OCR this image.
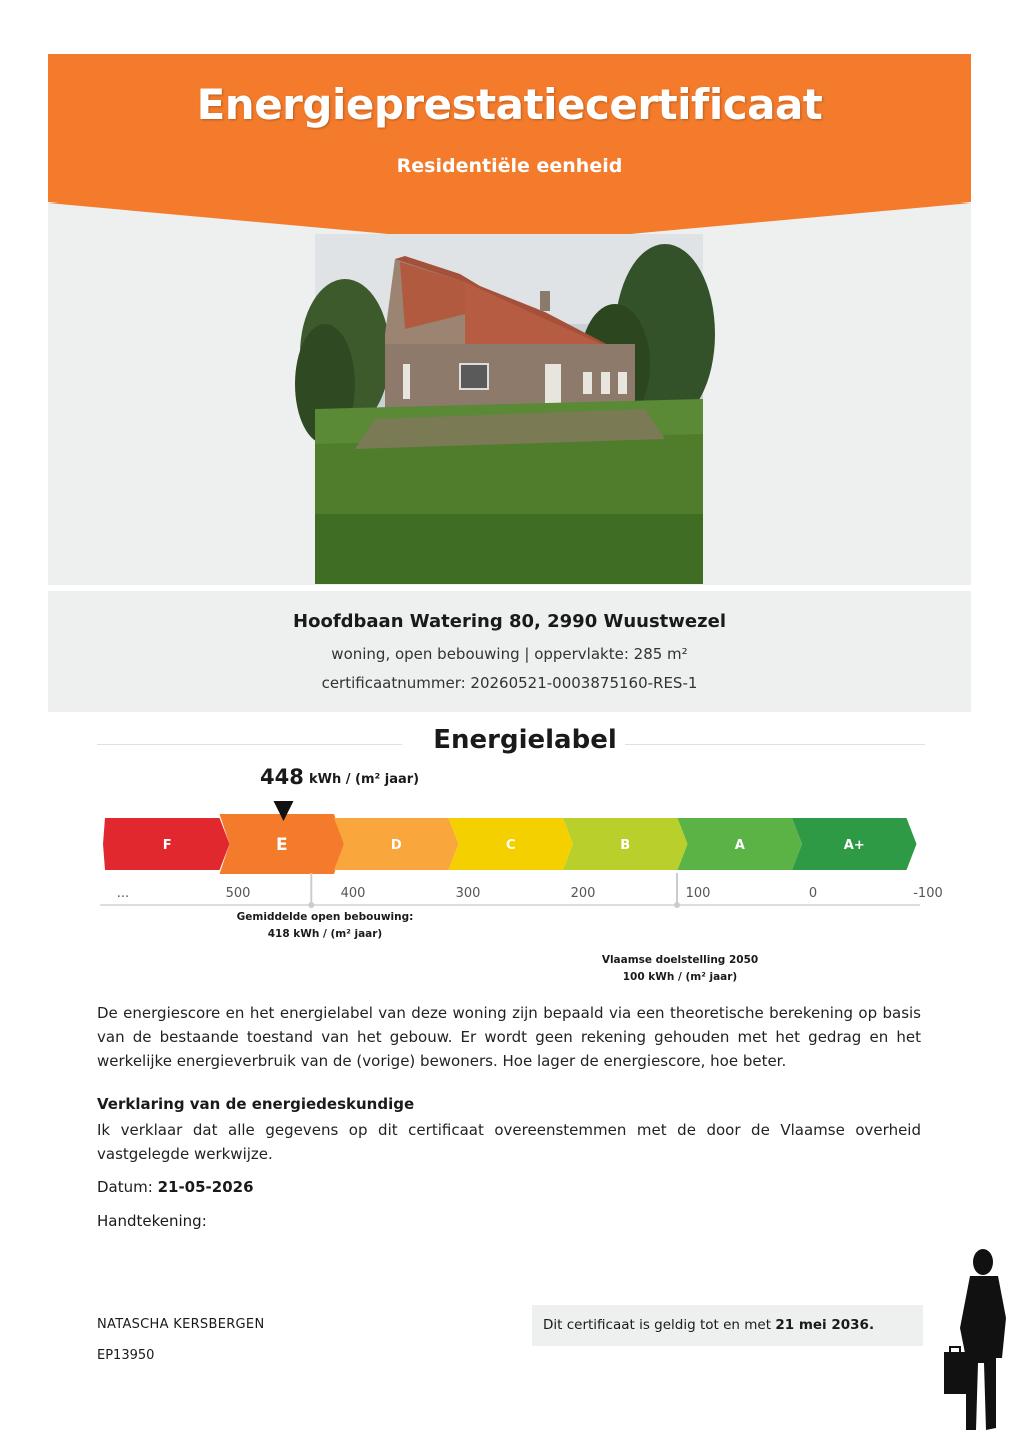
Energieprestatiecertificaat
Residentiële eenheid
Hoofdbaan Watering 80, 2990 Wuustwezel
woning, open bebouwing | oppervlakte: 285 m²
certificaatnummer: 20260521-0003875160-RES-1
Energielabel
448 kWh / (m² jaar)
F	E	D	C	B	A	A+
...	500	400	300	200	100	0	-100
Gemiddelde open bebouwing:
418 kWh / (m² jaar)
Vlaamse doelstelling 2050
100 kWh / (m² jaar)
De energiescore en het energielabel van deze woning zijn bepaald via een theoretische berekening op basis van de bestaande toestand van het gebouw. Er wordt geen rekening gehouden met het gedrag en het werkelijke energieverbruik van de (vorige) bewoners. Hoe lager de energiescore, hoe beter.
Verklaring van de energiedeskundige
Ik verklaar dat alle gegevens op dit certificaat overeenstemmen met de door de Vlaamse overheid vastgelegde werkwijze.
Datum: 21-05-2026
Handtekening:
NATASCHA KERSBERGEN
EP13950
Dit certificaat is geldig tot en met 21 mei 2036.
